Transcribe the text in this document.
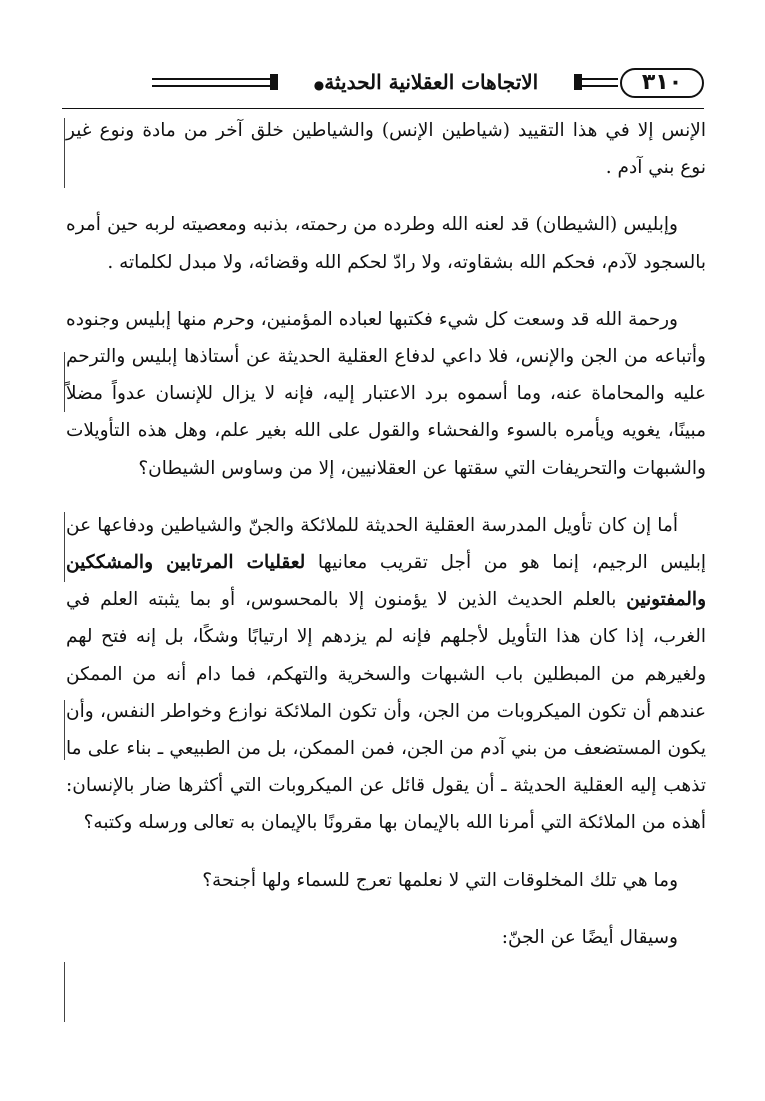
٣١٠
الاتجاهات العقلانية الحديثة●

الإنس إلا في هذا التقييد (شياطين الإنس) والشياطين خلق آخر من مادة ونوع غير نوع بني آدم .

وإبليس (الشيطان) قد لعنه الله وطرده من رحمته، بذنبه ومعصيته لربه حين أمره بالسجود لآدم، فحكم الله بشقاوته، ولا رادّ لحكم الله وقضائه، ولا مبدل لكلماته .

ورحمة الله قد وسعت كل شيء فكتبها لعباده المؤمنين، وحرم منها إبليس وجنوده وأتباعه من الجن والإنس، فلا داعي لدفاع العقلية الحديثة عن أستاذها إبليس والترحم عليه والمحاماة عنه، وما أسموه برد الاعتبار إليه، فإنه لا يزال للإنسان عدواً مضلاً مبينًا، يغويه ويأمره بالسوء والفحشاء والقول على الله بغير علم، وهل هذه التأويلات والشبهات والتحريفات التي سقتها عن العقلانيين، إلا من وساوس الشيطان؟

أما إن كان تأويل المدرسة العقلية الحديثة للملائكة والجنّ والشياطين ودفاعها عن إبليس الرجيم، إنما هو من أجل تقريب معانيها لعقليات المرتابين والمشككين والمفتونين بالعلم الحديث الذين لا يؤمنون إلا بالمحسوس، أو بما يثبته العلم في الغرب، إذا كان هذا التأويل لأجلهم فإنه لم يزدهم إلا ارتيابًا وشكًا، بل إنه فتح لهم ولغيرهم من المبطلين باب الشبهات والسخرية والتهكم، فما دام أنه من الممكن عندهم أن تكون الميكروبات من الجن، وأن تكون الملائكة نوازع وخواطر النفس، وأن يكون المستضعف من بني آدم من الجن، فمن الممكن، بل من الطبيعي ـ بناء على ما تذهب إليه العقلية الحديثة ـ أن يقول قائل عن الميكروبات التي أكثرها ضار بالإنسان: أهذه من الملائكة التي أمرنا الله بالإيمان بها مقرونًا بالإيمان به تعالى ورسله وكتبه؟

وما هي تلك المخلوقات التي لا نعلمها تعرج للسماء ولها أجنحة؟

وسيقال أيضًا عن الجنّ:
